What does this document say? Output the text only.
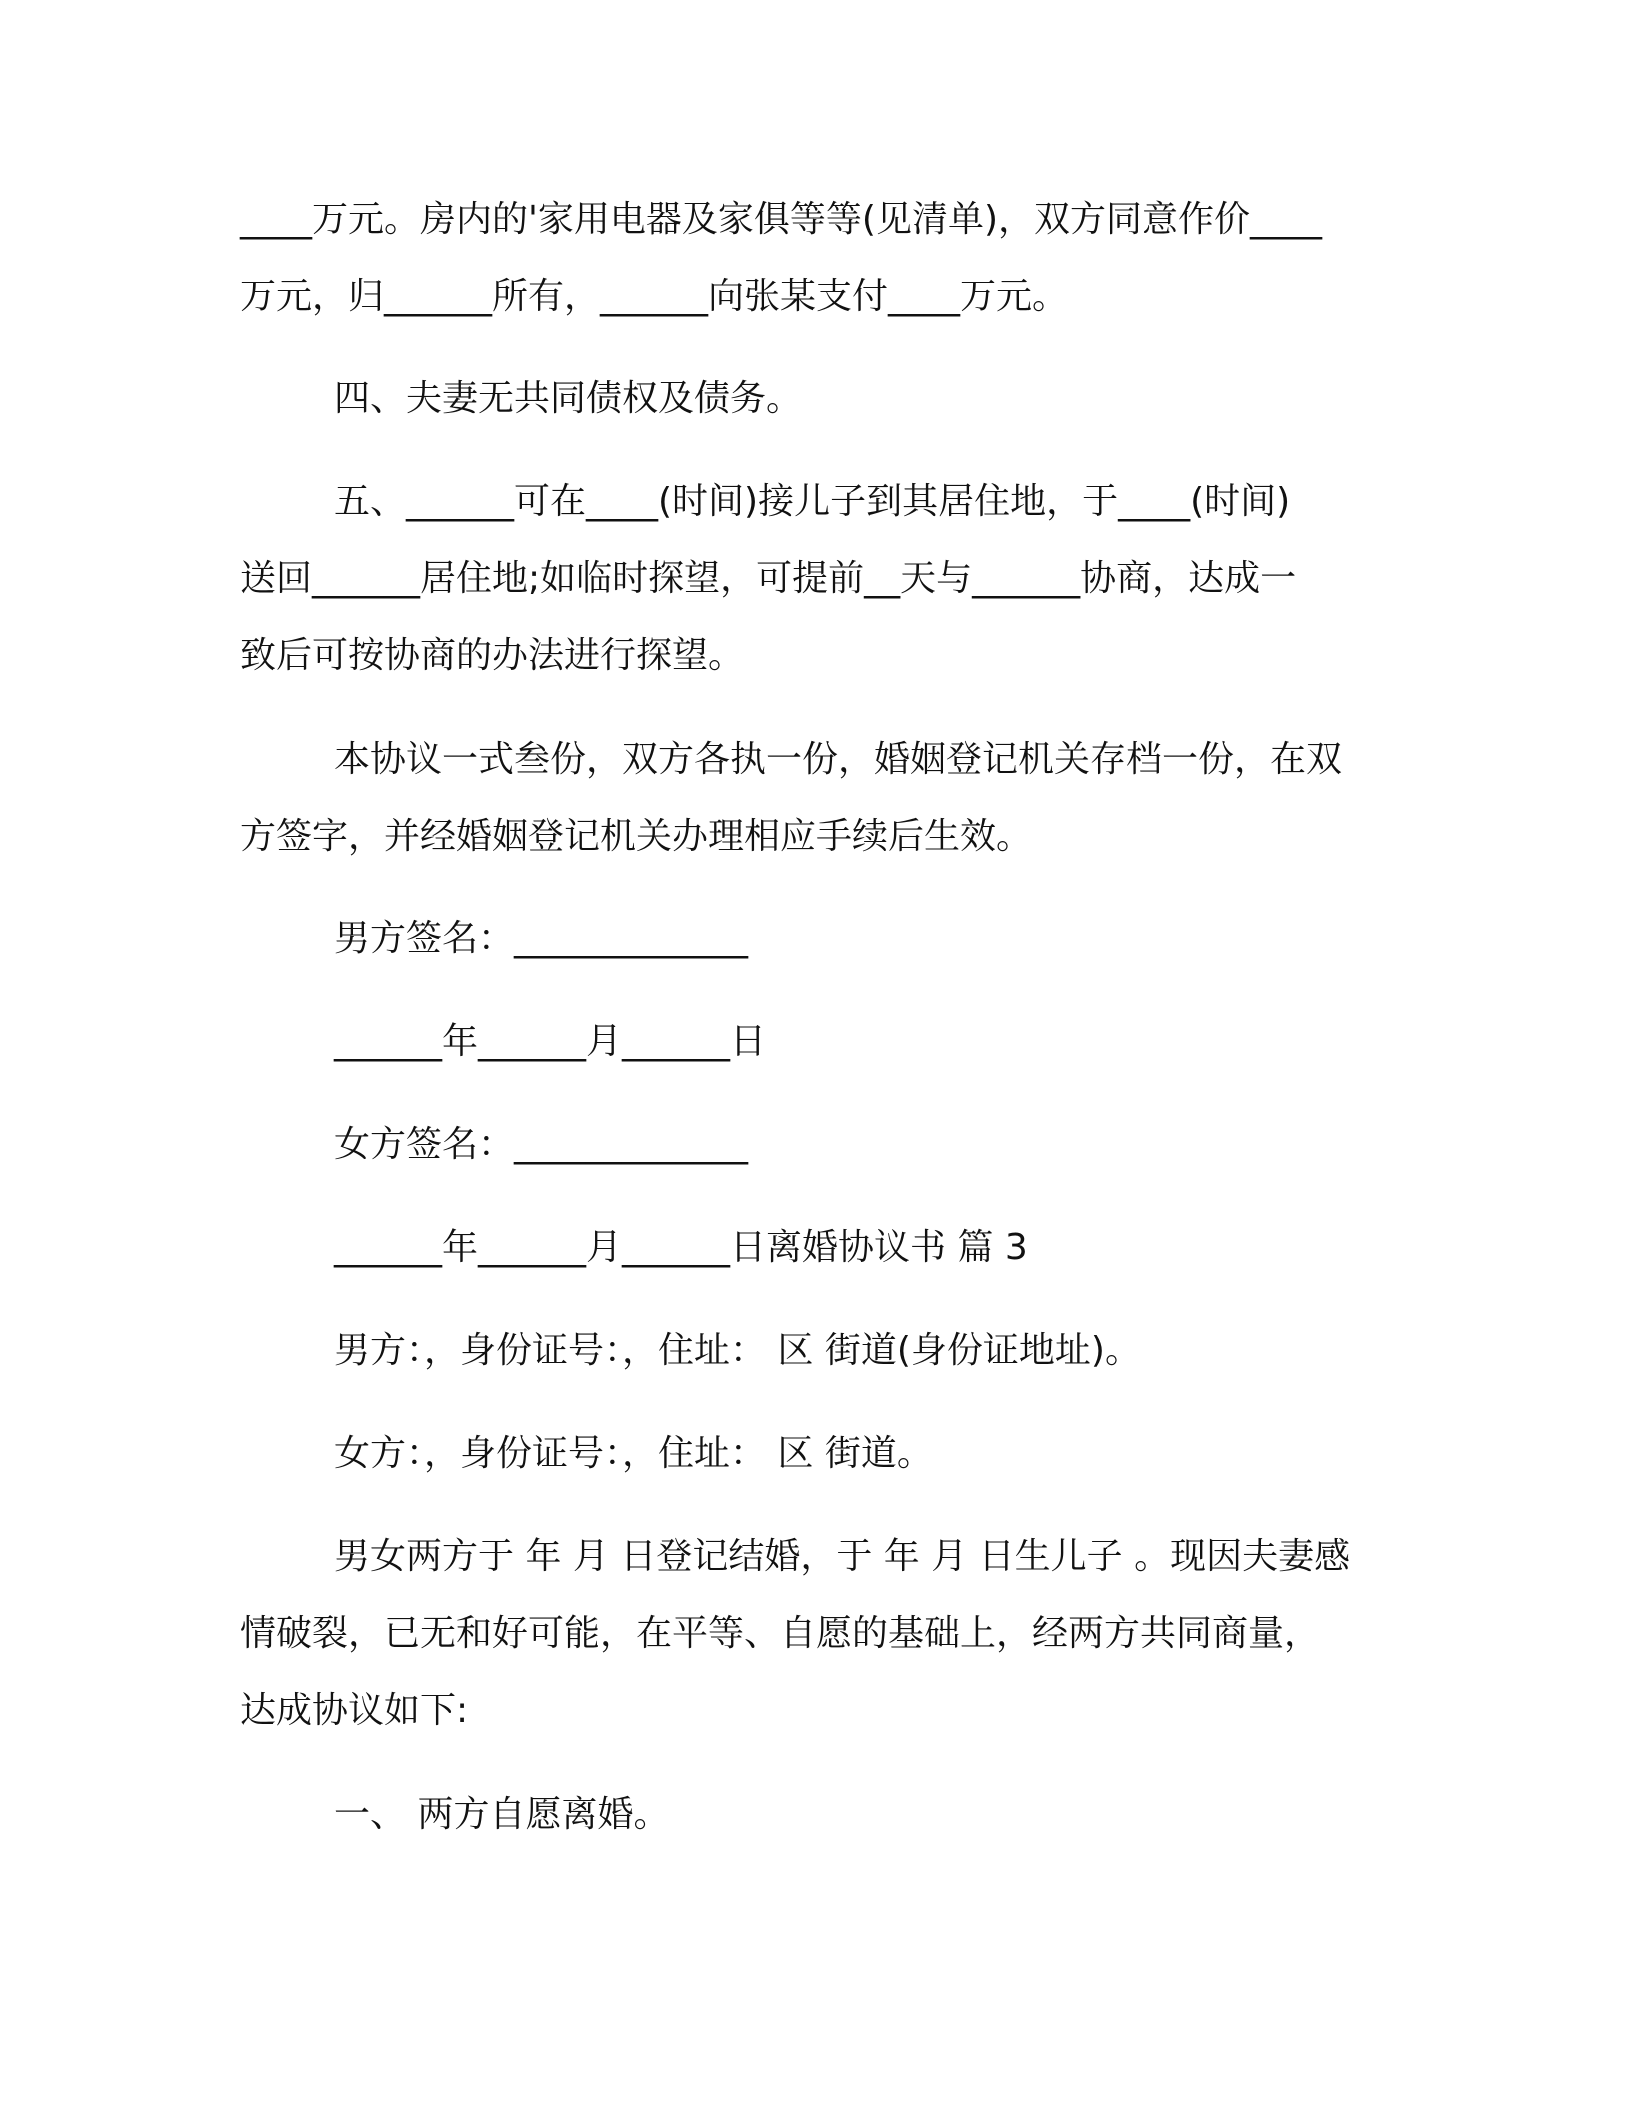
____万元。房内的'家用电器及家俱等等(见清单)，双方同意作价____
万元，归______所有，______向张某支付____万元。
四、夫妻无共同债权及债务。
五、______可在____(时间)接儿子到其居住地，于____(时间)
送回______居住地;如临时探望，可提前__天与______协商，达成一
致后可按协商的办法进行探望。
本协议一式叁份，双方各执一份，婚姻登记机关存档一份，在双
方签字，并经婚姻登记机关办理相应手续后生效。
男方签名：_____________
______年______月______日
女方签名：_____________
______年______月______日离婚协议书 篇 3
男方：，身份证号：，住址： 区 街道(身份证地址)。
女方：，身份证号：，住址： 区 街道。
男女两方于 年 月 日登记结婚，于 年 月 日生儿子 。现因夫妻感
情破裂，已无和好可能，在平等、自愿的基础上，经两方共同商量，
达成协议如下:
一、 两方自愿离婚。
